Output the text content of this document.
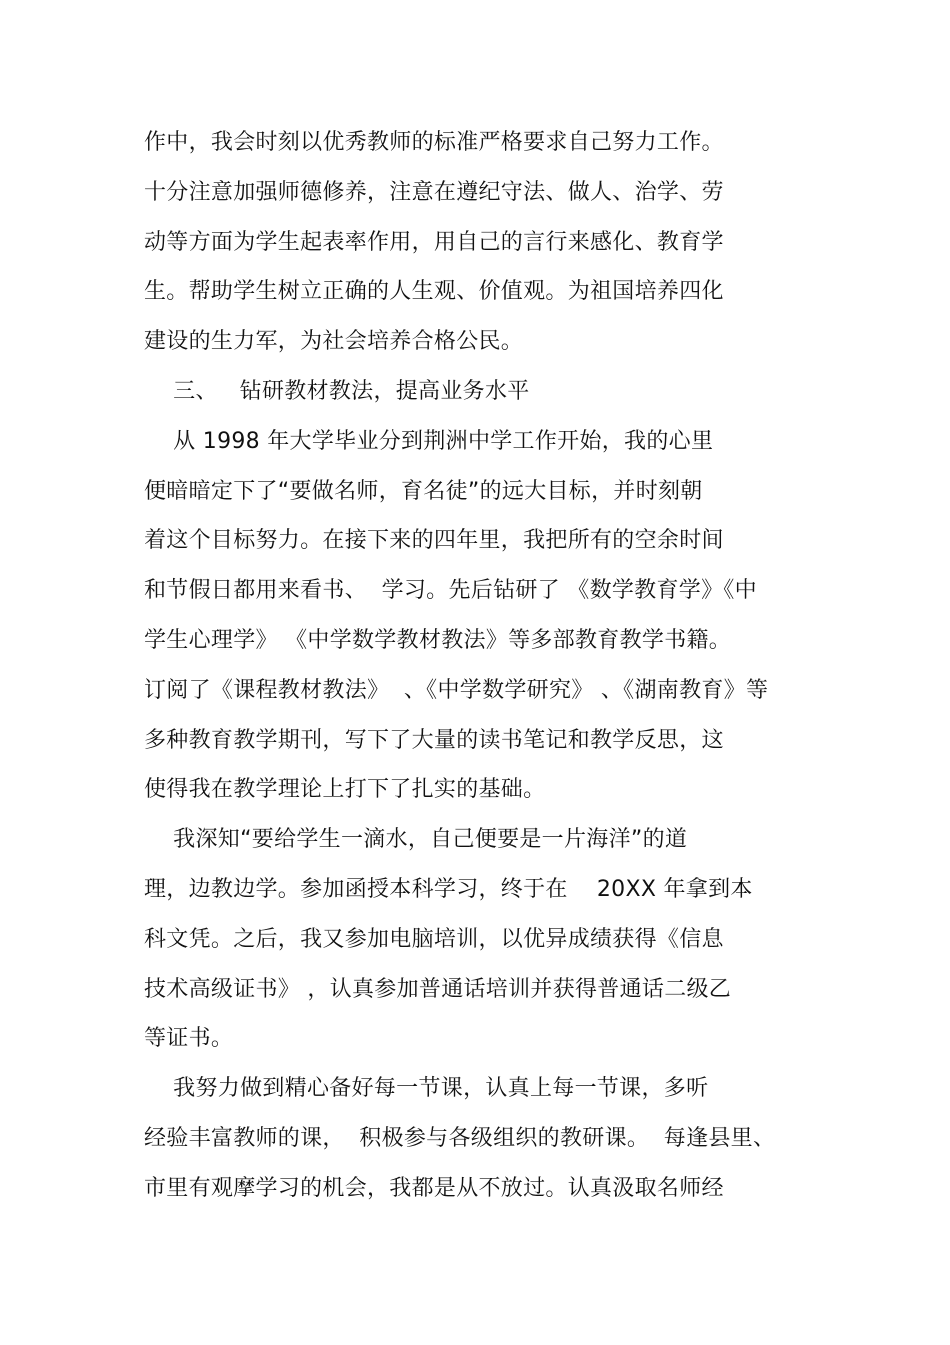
作中，我会时刻以优秀教师的标准严格要求自己努力工作。
十分注意加强师德修养，注意在遵纪守法、做人、治学、劳
动等方面为学生起表率作用，用自己的言行来感化、教育学
生。帮助学生树立正确的人生观、价值观。为祖国培养四化
建设的生力军，为社会培养合格公民。
三、   钻研教材教法，提高业务水平
从 1998 年大学毕业分到荆洲中学工作开始，我的心里
便暗暗定下了“要做名师，育名徒”的远大目标，并时刻朝
着这个目标努力。在接下来的四年里，我把所有的空余时间
和节假日都用来看书、  学习。先后钻研了 《数学教育学》《中
学生心理学》 《中学数学教材教法》等多部教育教学书籍。
订阅了《课程教材教法》  、《中学数学研究》 、《湖南教育》等
多种教育教学期刊，写下了大量的读书笔记和教学反思，这
使得我在教学理论上打下了扎实的基础。
我深知“要给学生一滴水，自己便要是一片海洋”的道
理，边教边学。参加函授本科学习，终于在    20XX 年拿到本
科文凭。之后，我又参加电脑培训，以优异成绩获得《信息
技术高级证书》 ，认真参加普通话培训并获得普通话二级乙
等证书。
我努力做到精心备好每一节课，认真上每一节课，多听
经验丰富教师的课，  积极参与各级组织的教研课。  每逢县里、
市里有观摩学习的机会，我都是从不放过。认真汲取名师经
